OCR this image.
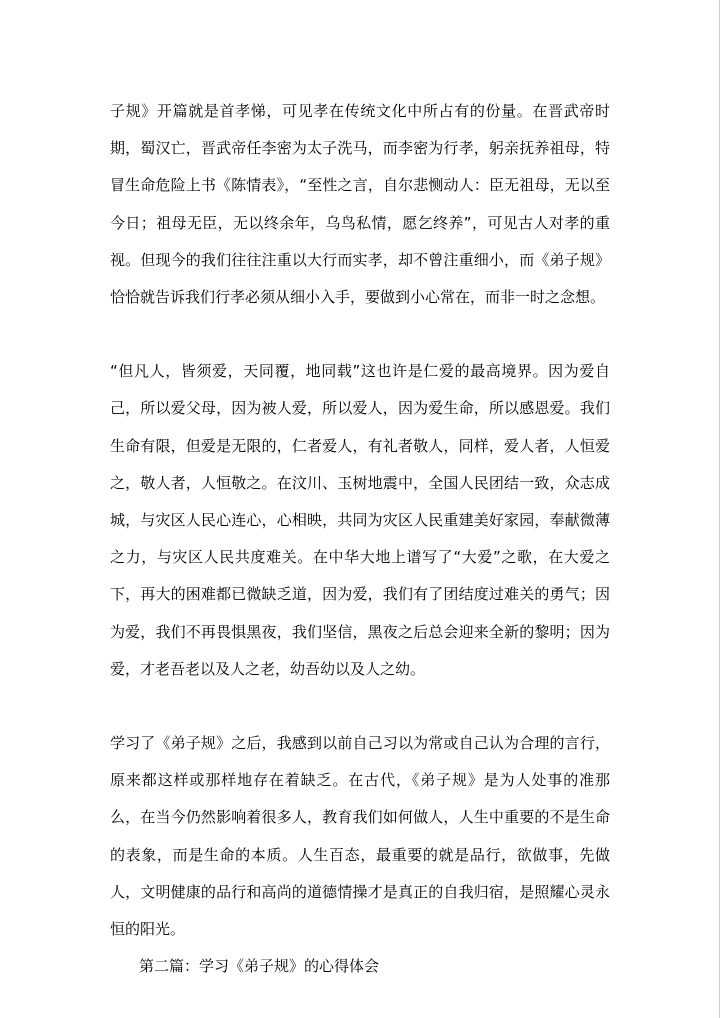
子规》开篇就是首孝悌，可见孝在传统文化中所占有的份量。在晋武帝时期，蜀汉亡，晋武帝任李密为太子洗马，而李密为行孝，躬亲抚养祖母，特冒生命危险上书《陈情表》，“至性之言，自尔悲恻动人：臣无祖母，无以至今日；祖母无臣，无以终余年，乌鸟私情，愿乞终养”，可见古人对孝的重视。但现今的我们往往注重以大行而实孝，却不曾注重细小，而《弟子规》恰恰就告诉我们行孝必须从细小入手，要做到小心常在，而非一时之念想。

“但凡人，皆须爱，天同覆，地同载”这也许是仁爱的最高境界。因为爱自己，所以爱父母，因为被人爱，所以爱人，因为爱生命，所以感恩爱。我们生命有限，但爱是无限的，仁者爱人，有礼者敬人，同样，爱人者，人恒爱之，敬人者，人恒敬之。在汶川、玉树地震中，全国人民团结一致，众志成城，与灾区人民心连心，心相映，共同为灾区人民重建美好家园，奉献微薄之力，与灾区人民共度难关。在中华大地上谱写了“大爱”之歌，在大爱之下，再大的困难都已微缺乏道，因为爱，我们有了团结度过难关的勇气；因为爱，我们不再畏惧黑夜，我们坚信，黑夜之后总会迎来全新的黎明；因为爱，才老吾老以及人之老，幼吾幼以及人之幼。

学习了《弟子规》之后，我感到以前自己习以为常或自己认为合理的言行，原来都这样或那样地存在着缺乏。在古代，《弟子规》是为人处事的准那么，在当今仍然影响着很多人，教育我们如何做人，人生中重要的不是生命的表象，而是生命的本质。人生百态，最重要的就是品行，欲做事，先做人，文明健康的品行和高尚的道德情操才是真正的自我归宿，是照耀心灵永恒的阳光。

第二篇：学习《弟子规》的心得体会
